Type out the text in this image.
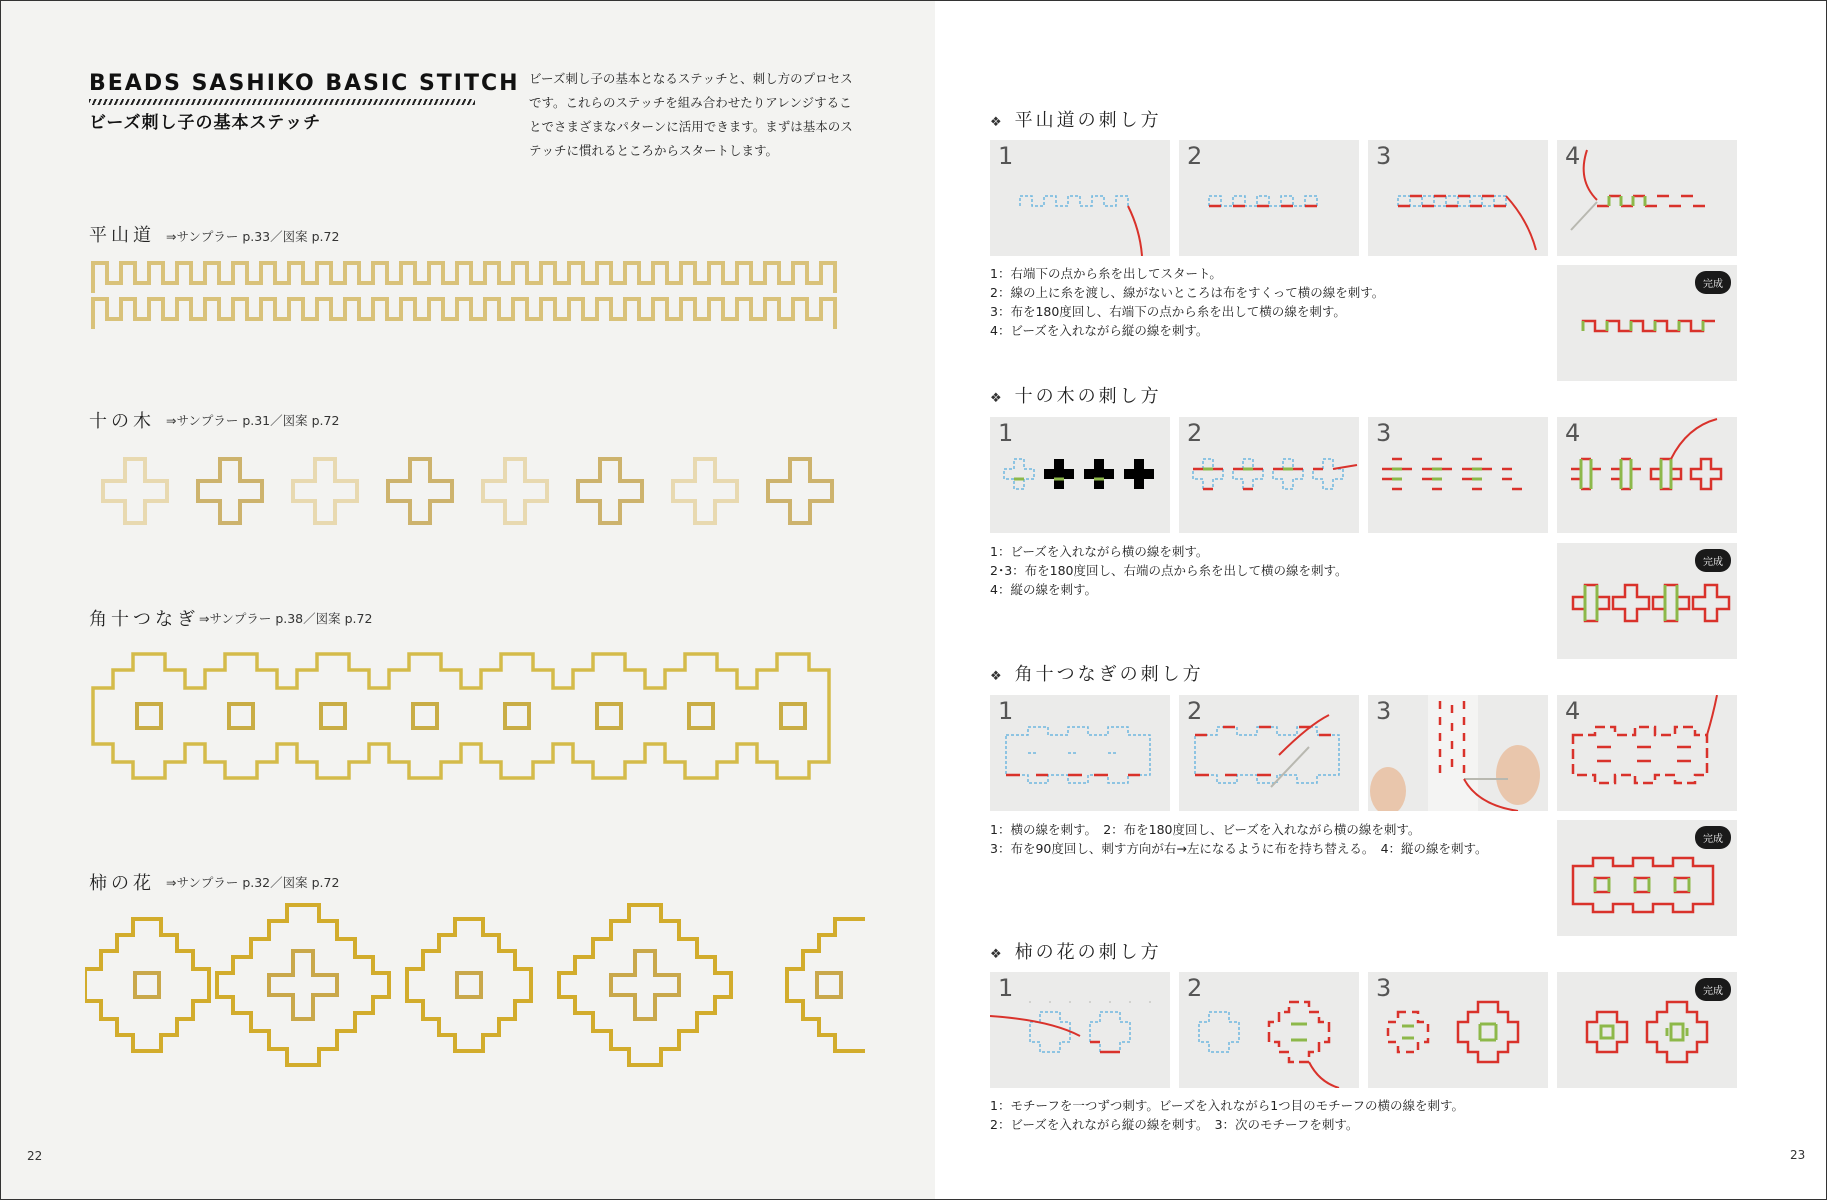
BEADS SASHIKO BASIC STITCH
ビーズ刺し子の基本ステッチ
ビーズ刺し子の基本となるステッチと、刺し方のプロセスです。これらのステッチを組み合わせたりアレンジすることでさまざまなパターンに活用できます。まずは基本のステッチに慣れるところからスタートします。
平山道 ⇒サンプラー p.33／図案 p.72
十の木 ⇒サンプラー p.31／図案 p.72
角十つなぎ ⇒サンプラー p.38／図案 p.72
柿の花 ⇒サンプラー p.32／図案 p.72
22
❖ 平山道の刺し方
1	2	3	4
1：右端下の点から糸を出してスタート。
2：線の上に糸を渡し、線がないところは布をすくって横の線を刺す。
3：布を180度回し、右端下の点から糸を出して横の線を刺す。
4：ビーズを入れながら縦の線を刺す。
完成
❖ 十の木の刺し方
1	2	3	4
1：ビーズを入れながら横の線を刺す。
2･3：布を180度回し、右端の点から糸を出して横の線を刺す。
4：縦の線を刺す。
完成
❖ 角十つなぎの刺し方
1	2	3	4
1：横の線を刺す。　2：布を180度回し、ビーズを入れながら横の線を刺す。
3：布を90度回し、刺す方向が右→左になるように布を持ち替える。　4：縦の線を刺す。
完成
❖ 柿の花の刺し方
1	2	3	完成
1：モチーフを一つずつ刺す。ビーズを入れながら1つ目のモチーフの横の線を刺す。
2：ビーズを入れながら縦の線を刺す。　3：次のモチーフを刺す。
23
